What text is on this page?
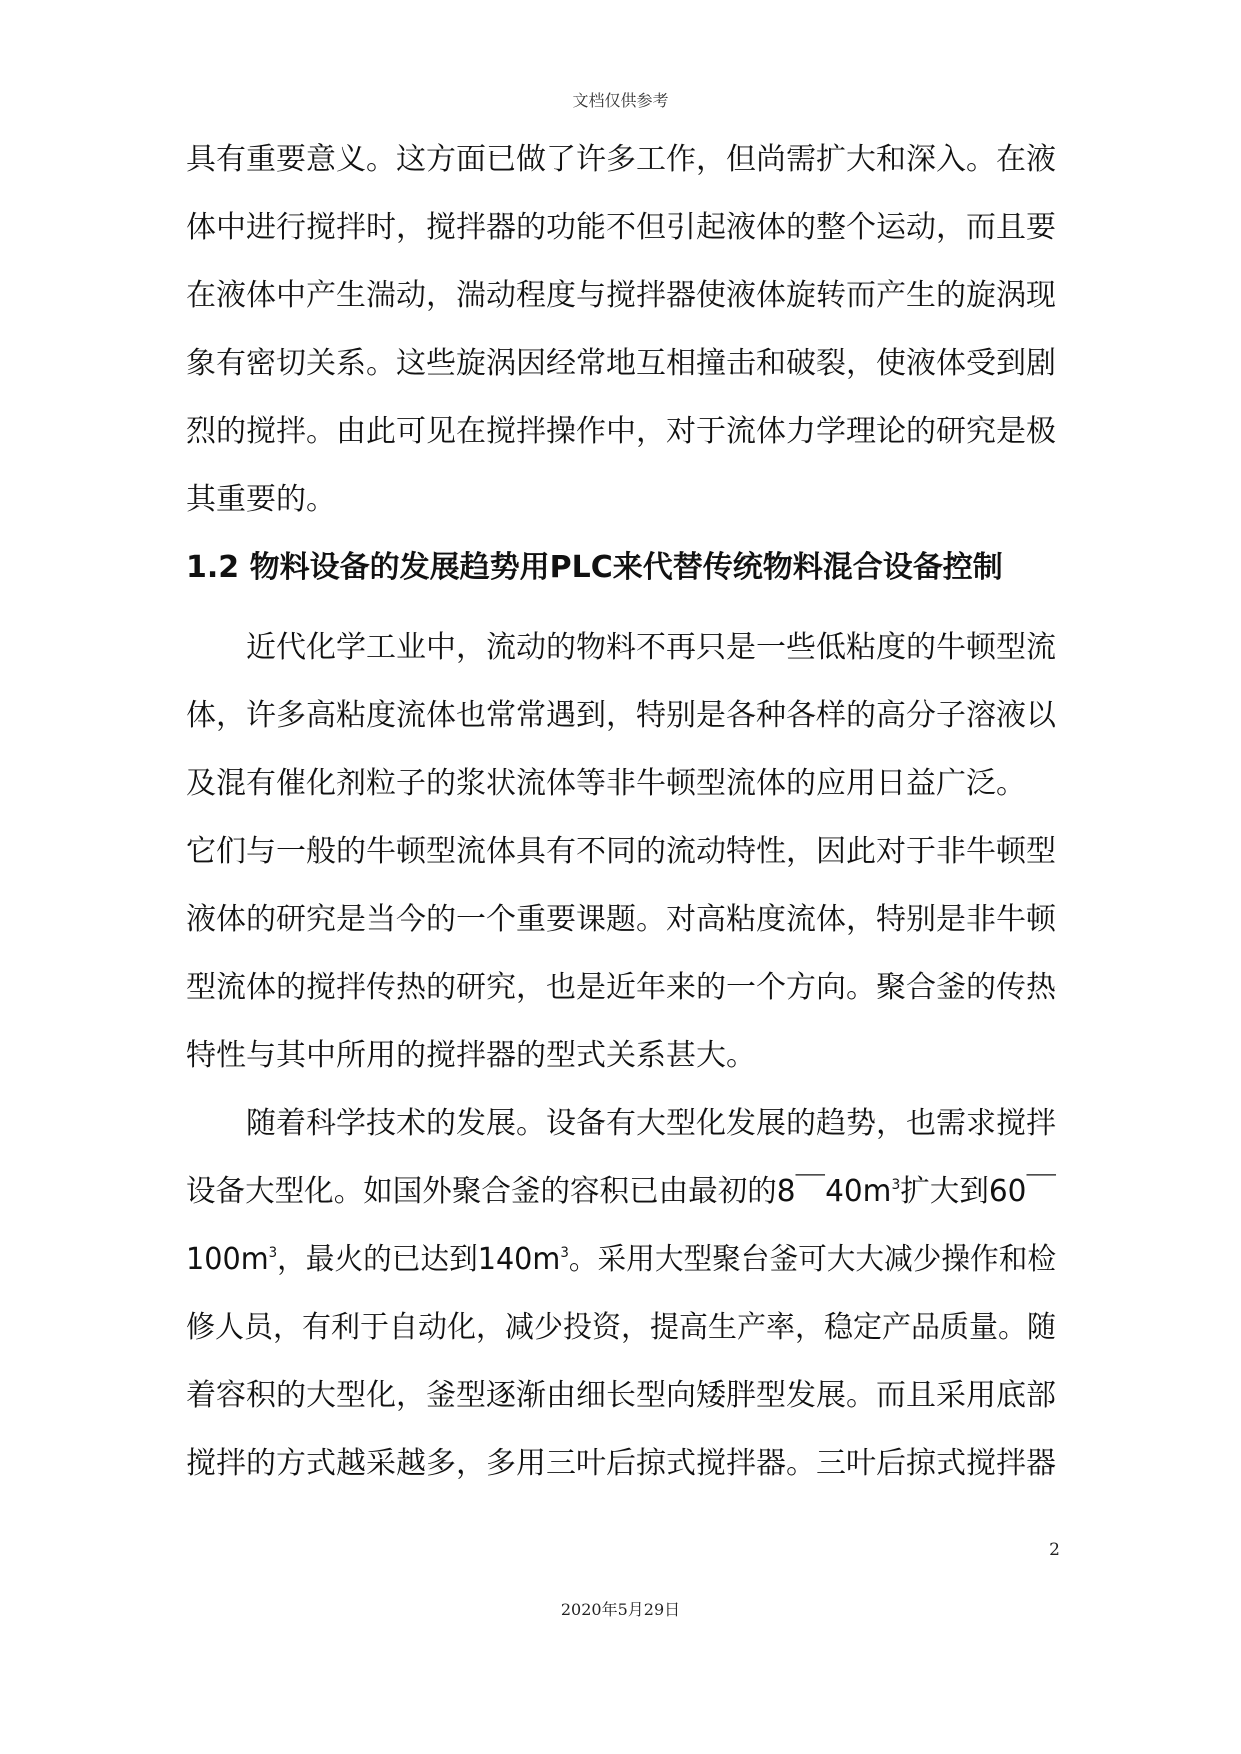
文档仅供参考
具有重要意义。这方面已做了许多工作，但尚需扩大和深入。在液
体中进行搅拌时，搅拌器的功能不但引起液体的整个运动，而且要
在液体中产生湍动，湍动程度与搅拌器使液体旋转而产生的旋涡现
象有密切关系。这些旋涡因经常地互相撞击和破裂，使液体受到剧
烈的搅拌。由此可见在搅拌操作中，对于流体力学理论的研究是极
其重要的。
1.2 物料设备的发展趋势用PLC来代替传统物料混合设备控制
　　近代化学工业中，流动的物料不再只是一些低粘度的牛顿型流
体，许多高粘度流体也常常遇到，特别是各种各样的高分子溶液以
及混有催化剂粒子的浆状流体等非牛顿型流体的应用日益广泛。
它们与一般的牛顿型流体具有不同的流动特性，因此对于非牛顿型
液体的研究是当今的一个重要课题。对高粘度流体，特别是非牛顿
型流体的搅拌传热的研究，也是近年来的一个方向。聚合釜的传热
特性与其中所用的搅拌器的型式关系甚大。
　　随着科学技术的发展。设备有大型化发展的趋势，也需求搅拌
设备大型化。如国外聚合釜的容积已由最初的8￣$40m^3$扩大到60￣
$100m^3$，最火的已达到$140m^3$。采用大型聚台釜可大大减少操作和检
修人员，有利于自动化，减少投资，提高生产率，稳定产品质量。随
着容积的大型化，釜型逐渐由细长型向矮胖型发展。而且采用底部
搅拌的方式越采越多，多用三叶后掠式搅拌器。三叶后掠式搅拌器
2
2020年5月29日
